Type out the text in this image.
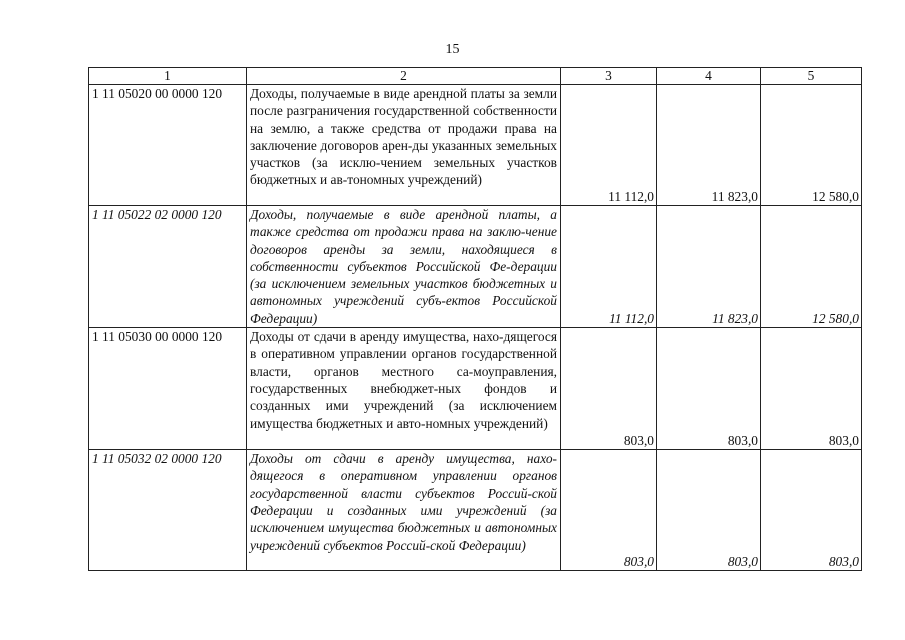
15
1	2	3	4	5
1 11 05020 00 0000 120	Доходы, получаемые в виде арендной платы за земли после разграничения государственной собственности на землю, а также средства от продажи права на заключение договоров арен-ды указанных земельных участков (за исклю-чением земельных участков бюджетных и ав-тономных учреждений)	11 112,0	11 823,0	12 580,0
1 11 05022 02 0000 120	Доходы, получаемые в виде арендной платы, а также средства от продажи права на заклю-чение договоров аренды за земли, находящиеся в собственности субъектов Российской Фе-дерации (за исключением земельных участков бюджетных и автономных учреждений субъ-ектов Российской Федерации)	11 112,0	11 823,0	12 580,0
1 11 05030 00 0000 120	Доходы от сдачи в аренду имущества, нахо-дящегося в оперативном управлении органов государственной власти, органов местного са-моуправления, государственных внебюджет-ных фондов и созданных ими учреждений (за исключением имущества бюджетных и авто-номных учреждений)	803,0	803,0	803,0
1 11 05032 02 0000 120	Доходы от сдачи в аренду имущества, нахо-дящегося в оперативном управлении органов государственной власти субъектов Россий-ской Федерации и созданных ими учреждений (за исключением имущества бюджетных и автономных учреждений субъектов Россий-ской Федерации)	803,0	803,0	803,0
